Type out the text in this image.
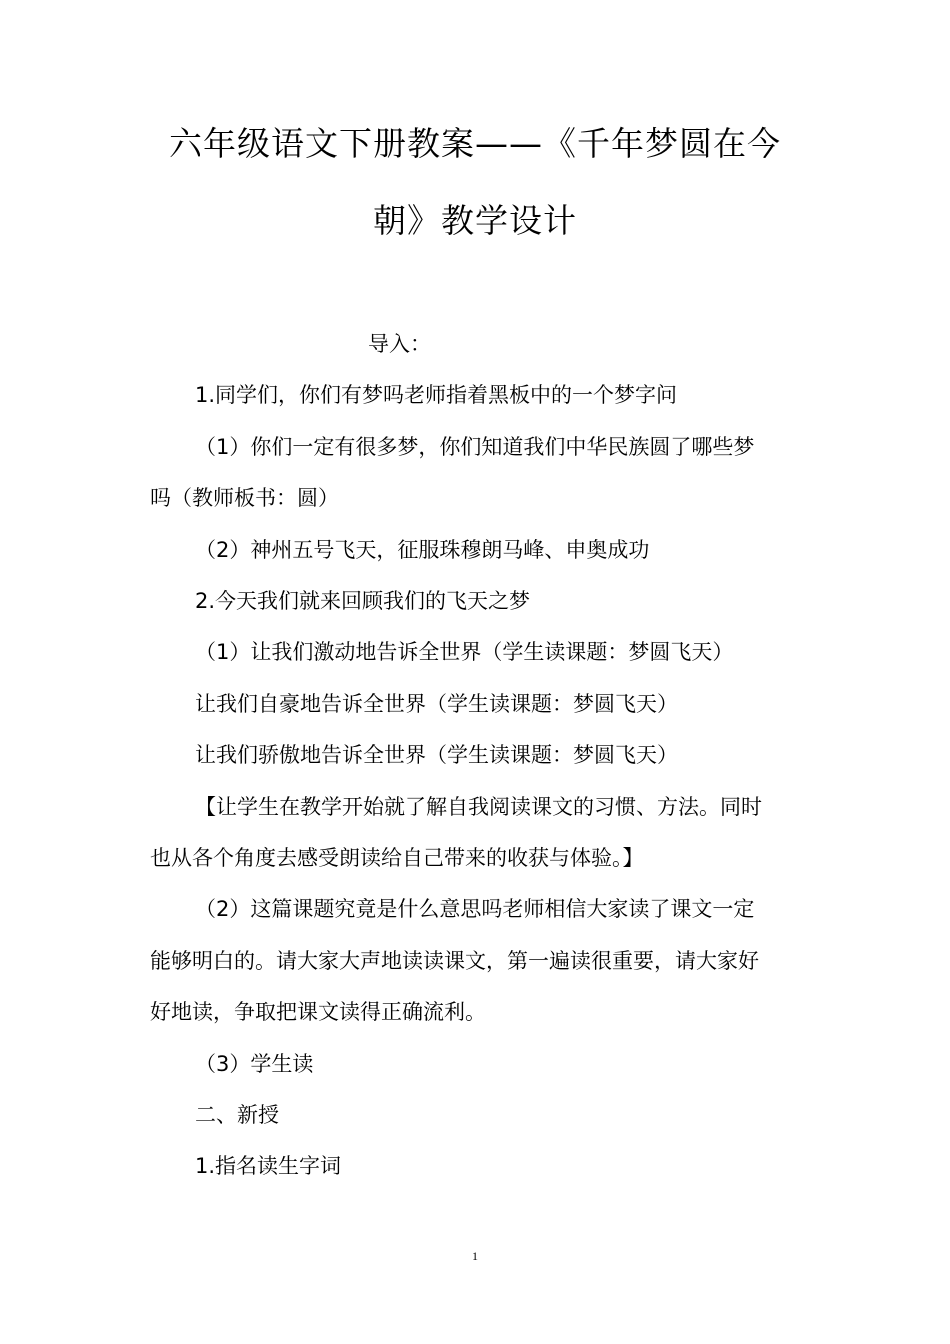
六年级语文下册教案——《千年梦圆在今
朝》教学设计
导入：
1.同学们，你们有梦吗老师指着黑板中的一个梦字问
（1）你们一定有很多梦，你们知道我们中华民族圆了哪些梦
吗（教师板书：圆）
（2）神州五号飞天，征服珠穆朗马峰、申奥成功
2.今天我们就来回顾我们的飞天之梦
（1）让我们激动地告诉全世界（学生读课题：梦圆飞天）
让我们自豪地告诉全世界（学生读课题：梦圆飞天）
让我们骄傲地告诉全世界（学生读课题：梦圆飞天）
【让学生在教学开始就了解自我阅读课文的习惯、方法。同时
也从各个角度去感受朗读给自己带来的收获与体验。】
（2）这篇课题究竟是什么意思吗老师相信大家读了课文一定
能够明白的。请大家大声地读读课文，第一遍读很重要，请大家好
好地读，争取把课文读得正确流利。
（3）学生读
二、新授
1.指名读生字词
1
